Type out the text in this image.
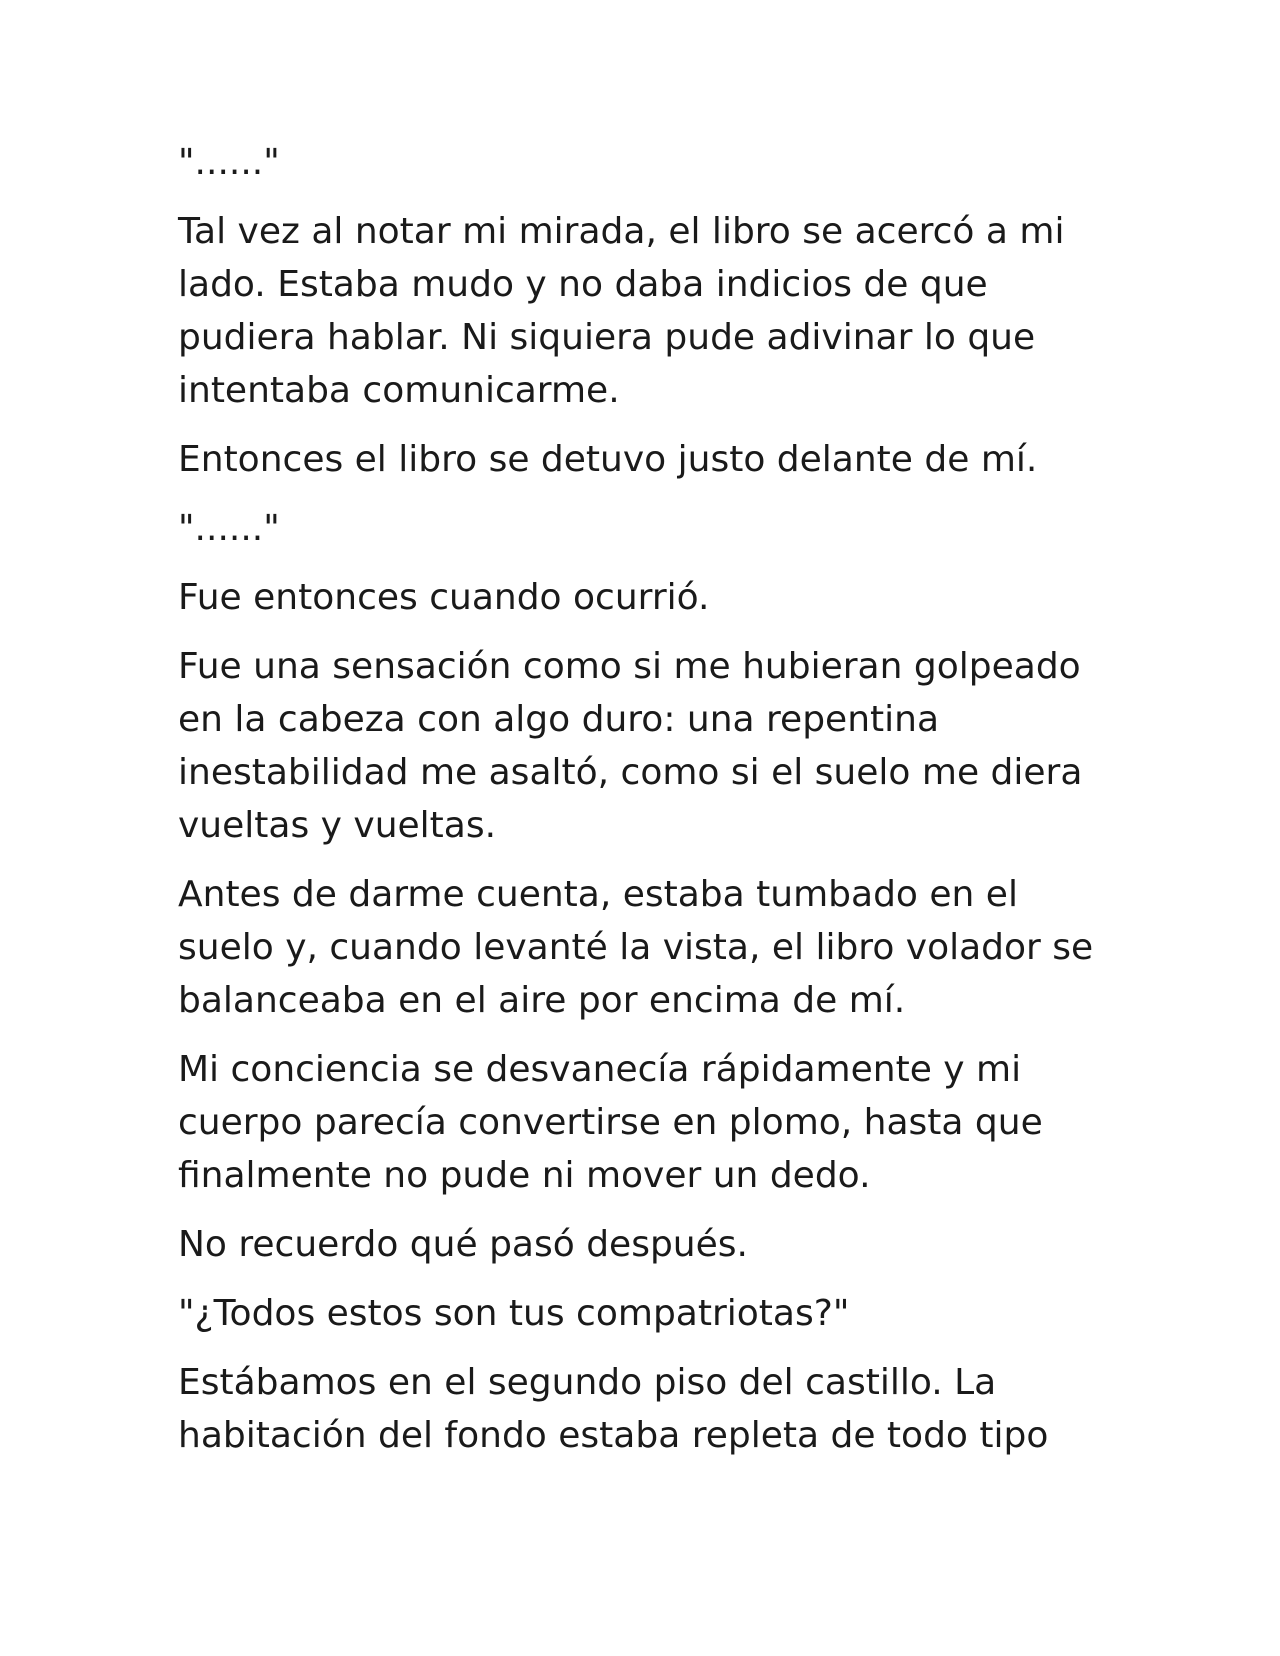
"......"

Tal vez al notar mi mirada, el libro se acercó a mi lado. Estaba mudo y no daba indicios de que pudiera hablar. Ni siquiera pude adivinar lo que intentaba comunicarme.

Entonces el libro se detuvo justo delante de mí.

"......"

Fue entonces cuando ocurrió.

Fue una sensación como si me hubieran golpeado en la cabeza con algo duro: una repentina inestabilidad me asaltó, como si el suelo me diera vueltas y vueltas.

Antes de darme cuenta, estaba tumbado en el suelo y, cuando levanté la vista, el libro volador se balanceaba en el aire por encima de mí.

Mi conciencia se desvanecía rápidamente y mi cuerpo parecía convertirse en plomo, hasta que finalmente no pude ni mover un dedo.

No recuerdo qué pasó después.

"¿Todos estos son tus compatriotas?"

Estábamos en el segundo piso del castillo. La habitación del fondo estaba repleta de todo tipo
